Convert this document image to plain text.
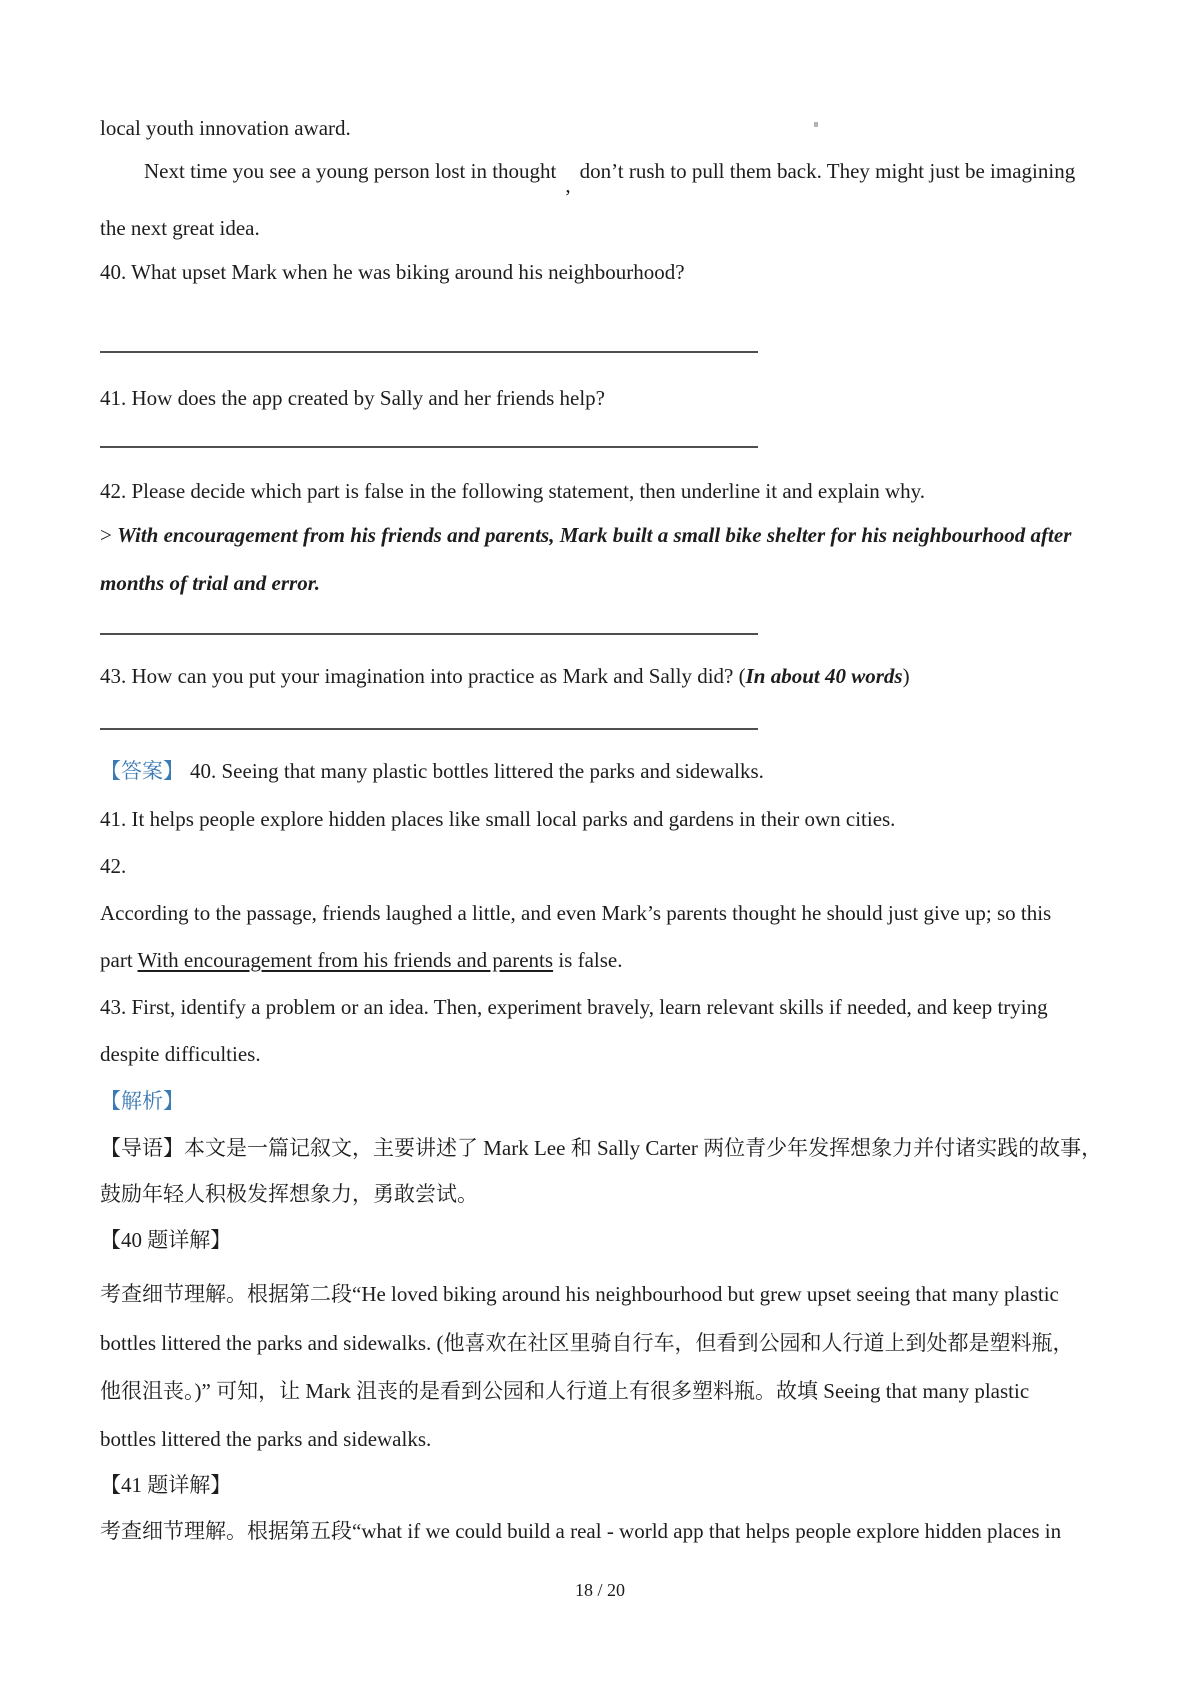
local youth innovation award.
Next time you see a young person lost in thought,don’t rush to pull them back. They might just be imagining
the next great idea.
40. What upset Mark when he was biking around his neighbourhood?
41. How does the app created by Sally and her friends help?
42. Please decide which part is false in the following statement, then underline it and explain why.
> With encouragement from his friends and parents, Mark built a small bike shelter for his neighbourhood after
months of trial and error.
43. How can you put your imagination into practice as Mark and Sally did? (In about 40 words)
【答案】 40. Seeing that many plastic bottles littered the parks and sidewalks.
41. It helps people explore hidden places like small local parks and gardens in their own cities.
42.
According to the passage, friends laughed a little, and even Mark’s parents thought he should just give up; so this
part With encouragement from his friends and parents is false.
43. First, identify a problem or an idea. Then, experiment bravely, learn relevant skills if needed, and keep trying
despite difficulties.
【解析】
【导语】本文是一篇记叙文，主要讲述了 Mark Lee 和 Sally Carter 两位青少年发挥想象力并付诸实践的故事，
鼓励年轻人积极发挥想象力，勇敢尝试。
【40 题详解】
考查细节理解。根据第二段“He loved biking around his neighbourhood but grew upset seeing that many plastic
bottles littered the parks and sidewalks. (他喜欢在社区里骑自行车，但看到公园和人行道上到处都是塑料瓶，
他很沮丧。)” 可知，让 Mark 沮丧的是看到公园和人行道上有很多塑料瓶。故填 Seeing that many plastic
bottles littered the parks and sidewalks.
【41 题详解】
考查细节理解。根据第五段“what if we could build a real - world app that helps people explore hidden places in
18 / 20
